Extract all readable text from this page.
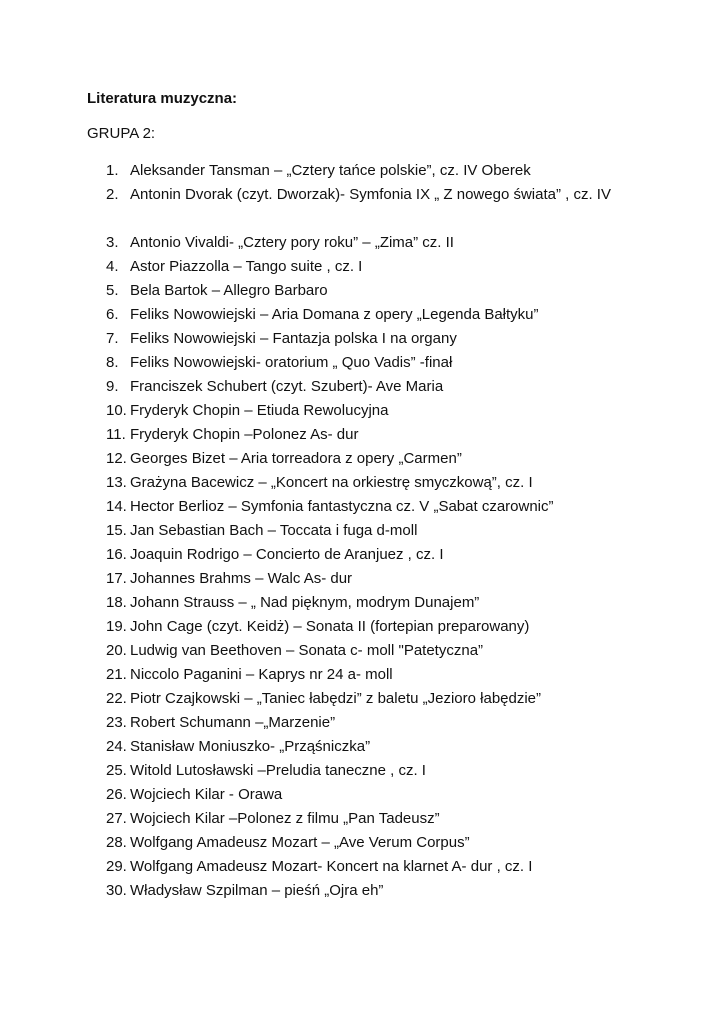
Literatura muzyczna:
GRUPA 2:
1. Aleksander Tansman – „Cztery tańce polskie”, cz. IV Oberek
2. Antonin Dvorak (czyt. Dworzak)- Symfonia IX „ Z nowego świata” , cz. IV
3. Antonio Vivaldi- „Cztery pory roku” – „Zima” cz. II
4. Astor Piazzolla – Tango suite , cz. I
5. Bela Bartok – Allegro Barbaro
6. Feliks Nowowiejski – Aria Domana z opery „Legenda Bałtyku”
7. Feliks Nowowiejski – Fantazja polska I na organy
8. Feliks Nowowiejski- oratorium „ Quo Vadis” -finał
9. Franciszek Schubert (czyt. Szubert)- Ave Maria
10. Fryderyk Chopin – Etiuda Rewolucyjna
11. Fryderyk Chopin –Polonez As- dur
12. Georges Bizet – Aria torreadora z opery „Carmen”
13. Grażyna Bacewicz – „Koncert na orkiestrę smyczkową”, cz. I
14. Hector Berlioz – Symfonia fantastyczna cz. V „Sabat czarownic”
15. Jan Sebastian Bach – Toccata i fuga d-moll
16. Joaquin Rodrigo – Concierto de Aranjuez , cz. I
17. Johannes Brahms – Walc As- dur
18. Johann Strauss – „ Nad pięknym, modrym Dunajem”
19. John Cage (czyt. Keidż) – Sonata II (fortepian preparowany)
20. Ludwig van Beethoven – Sonata c- moll "Patetyczna”
21. Niccolo Paganini – Kaprys nr 24 a- moll
22. Piotr Czajkowski – „Taniec łabędzi” z baletu „Jezioro łabędzie”
23. Robert Schumann –„Marzenie”
24. Stanisław Moniuszko- „Prząśniczka”
25. Witold Lutosławski –Preludia taneczne , cz. I
26. Wojciech Kilar - Orawa
27. Wojciech Kilar –Polonez z filmu „Pan Tadeusz”
28. Wolfgang Amadeusz Mozart – „Ave Verum Corpus”
29. Wolfgang Amadeusz Mozart- Koncert na klarnet A- dur , cz. I
30. Władysław Szpilman – pieśń „Ojra eh”
